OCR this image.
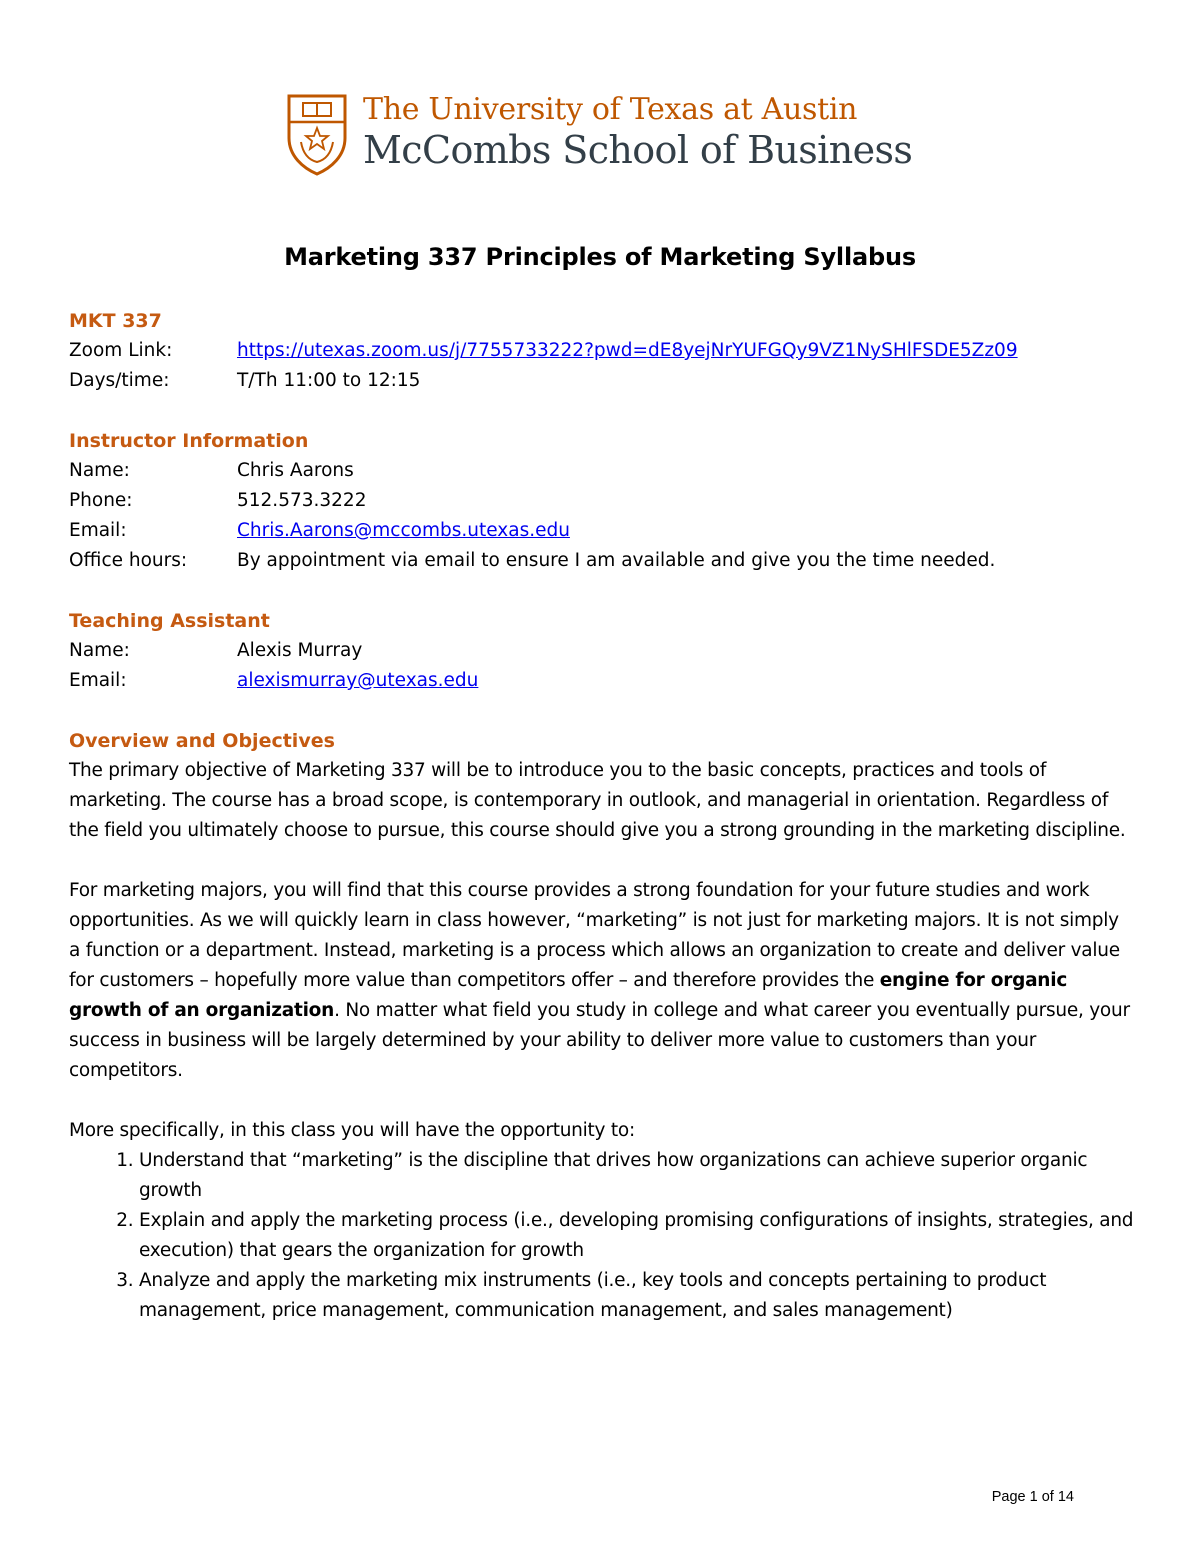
The University of Texas at Austin
McCombs School of Business
Marketing 337 Principles of Marketing Syllabus

MKT 337

Zoom Link:	https://utexas.zoom.us/j/7755733222?pwd=dE8yejNrYUFGQy9VZ1NySHlFSDE5Zz09
Days/time:	T/Th 11:00 to 12:15

Instructor Information

Name:	Chris Aarons
Phone:	512.573.3222
Email:	Chris.Aarons@mccombs.utexas.edu
Office hours:	By appointment via email to ensure I am available and give you the time needed.

Teaching Assistant

Name:	Alexis Murray
Email:	alexismurray@utexas.edu

Overview and Objectives

The primary objective of Marketing 337 will be to introduce you to the basic concepts, practices and tools of marketing. The course has a broad scope, is contemporary in outlook, and managerial in orientation. Regardless of the field you ultimately choose to pursue, this course should give you a strong grounding in the marketing discipline.

For marketing majors, you will find that this course provides a strong foundation for your future studies and work opportunities. As we will quickly learn in class however, “marketing” is not just for marketing majors. It is not simply a function or a department. Instead, marketing is a process which allows an organization to create and deliver value for customers – hopefully more value than competitors offer – and therefore provides the engine for organic growth of an organization. No matter what field you study in college and what career you eventually pursue, your success in business will be largely determined by your ability to deliver more value to customers than your competitors.

More specifically, in this class you will have the opportunity to:

1. Understand that “marketing” is the discipline that drives how organizations can achieve superior organic growth
2. Explain and apply the marketing process (i.e., developing promising configurations of insights, strategies, and execution) that gears the organization for growth
3. Analyze and apply the marketing mix instruments (i.e., key tools and concepts pertaining to product management, price management, communication management, and sales management)
Page 1 of 14
